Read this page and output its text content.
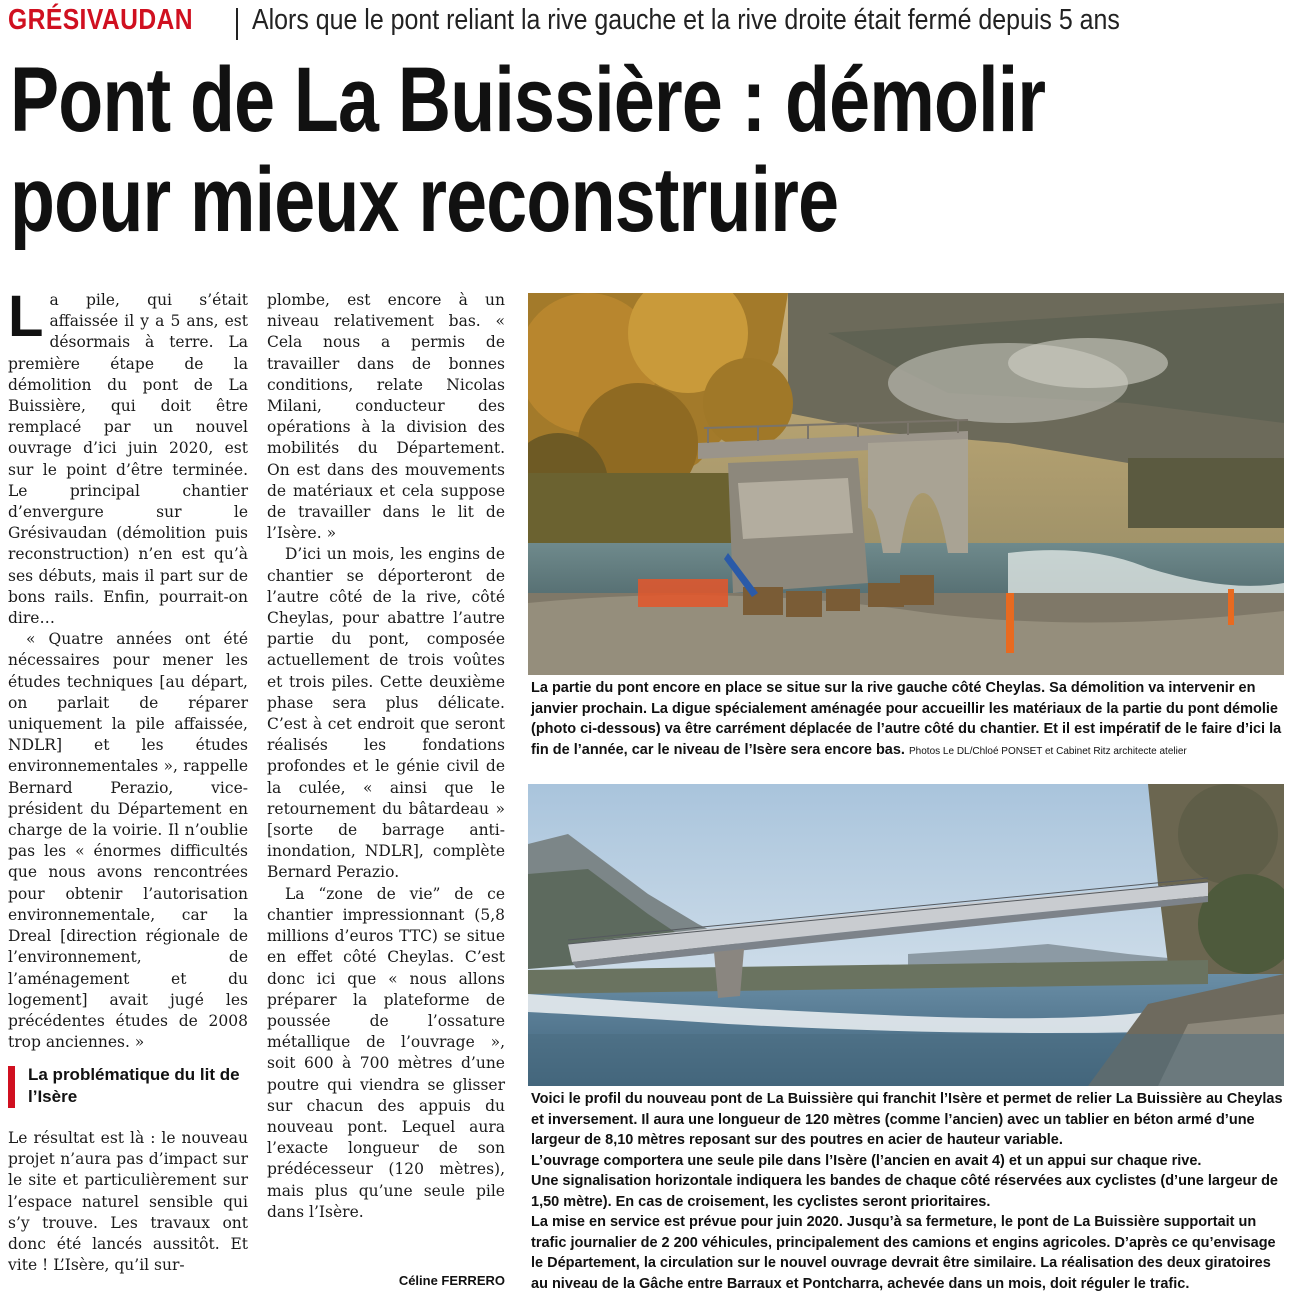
GRÉSIVAUDAN Alors que le pont reliant la rive gauche et la rive droite était fermé depuis 5 ans
Pont de La Buissière : démolir
pour mieux reconstruire

La pile, qui s’était affaissée il y a 5 ans, est désormais à terre. La première étape de la démolition du pont de La Buissière, qui doit être remplacé par un nouvel ouvrage d’ici juin 2020, est sur le point d’être terminée. Le principal chantier d’envergure sur le Grésivaudan (démolition puis reconstruction) n’en est qu’à ses débuts, mais il part sur de bons rails. Enfin, pourrait-on dire…

« Quatre années ont été nécessaires pour mener les études techniques [au départ, on parlait de réparer uniquement la pile affaissée, NDLR] et les études environnementales », rappelle Bernard Perazio, vice-président du Département en charge de la voirie. Il n’oublie pas les « énormes difficultés que nous avons rencontrées pour obtenir l’autorisation environnementale, car la Dreal [direction régionale de l’environnement, de l’aménagement et du logement] avait jugé les précédentes études de 2008 trop anciennes. »

La problématique du lit de l’Isère

Le résultat est là : le nouveau projet n’aura pas d’impact sur le site et particulièrement sur l’espace naturel sensible qui s’y trouve. Les travaux ont donc été lancés aussitôt. Et vite ! L’Isère, qu’il sur-

plombe, est encore à un niveau relativement bas. « Cela nous a permis de travailler dans de bonnes conditions, relate Nicolas Milani, conducteur des opérations à la division des mobilités du Département. On est dans des mouvements de matériaux et cela suppose de travailler dans le lit de l’Isère. »

D’ici un mois, les engins de chantier se déporteront de l’autre côté de la rive, côté Cheylas, pour abattre l’autre partie du pont, composée actuellement de trois voûtes et trois piles. Cette deuxième phase sera plus délicate. C’est à cet endroit que seront réalisés les fondations profondes et le génie civil de la culée, « ainsi que le retournement du bâtardeau » [sorte de barrage anti-inondation, NDLR], complète Bernard Perazio.

La “zone de vie” de ce chantier impressionnant (5,8 millions d’euros TTC) se situe en effet côté Cheylas. C’est donc ici que « nous allons préparer la plateforme de poussée de l’ossature métallique de l’ouvrage », soit 600 à 700 mètres d’une poutre qui viendra se glisser sur chacun des appuis du nouveau pont. Lequel aura l’exacte longueur de son prédécesseur (120 mètres), mais plus qu’une seule pile dans l’Isère.

Céline FERRERO
La partie du pont encore en place se situe sur la rive gauche côté Cheylas. Sa démolition va intervenir en janvier prochain. La digue spécialement aménagée pour accueillir les matériaux de la partie du pont démolie (photo ci-dessous) va être carrément déplacée de l’autre côté du chantier. Et il est impératif de le faire d’ici la fin de l’année, car le niveau de l’Isère sera encore bas. Photos Le DL/Chloé PONSET et Cabinet Ritz architecte atelier

Voici le profil du nouveau pont de La Buissière qui franchit l’Isère et permet de relier La Buissière au Cheylas et inversement. Il aura une longueur de 120 mètres (comme l’ancien) avec un tablier en béton armé d’une largeur de 8,10 mètres reposant sur des poutres en acier de hauteur variable.

L’ouvrage comportera une seule pile dans l’Isère (l’ancien en avait 4) et un appui sur chaque rive.

Une signalisation horizontale indiquera les bandes de chaque côté réservées aux cyclistes (d’une largeur de 1,50 mètre). En cas de croisement, les cyclistes seront prioritaires.

La mise en service est prévue pour juin 2020. Jusqu’à sa fermeture, le pont de La Buissière supportait un trafic journalier de 2 200 véhicules, principalement des camions et engins agricoles. D’après ce qu’envisage le Département, la circulation sur le nouvel ouvrage devrait être similaire. La réalisation des deux giratoires au niveau de la Gâche entre Barraux et Pontcharra, achevée dans un mois, doit réguler le trafic.
